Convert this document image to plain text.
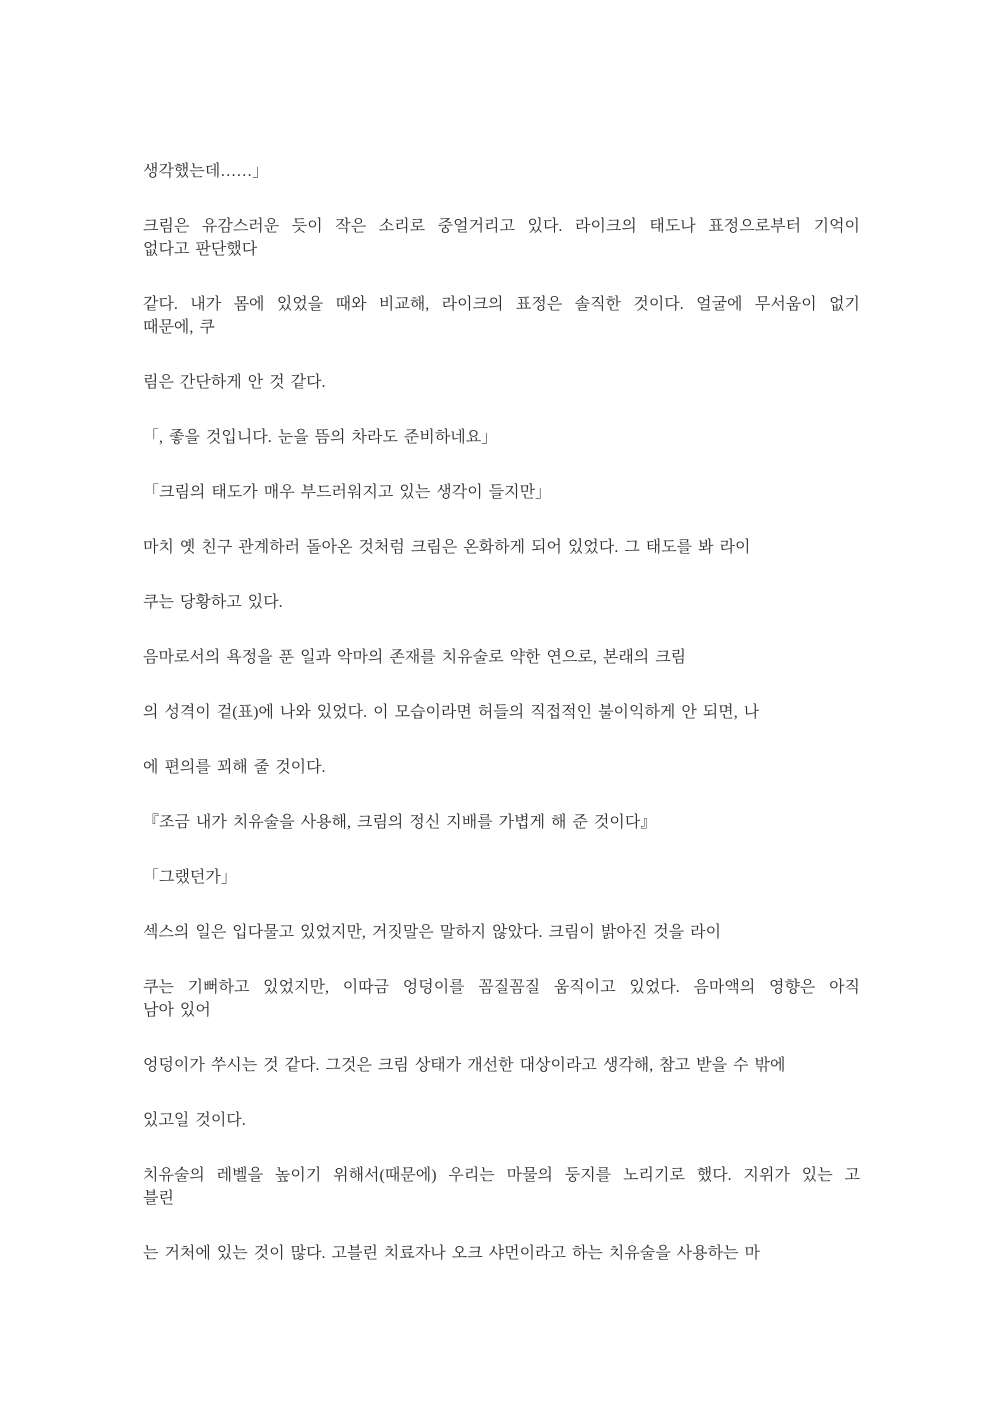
생각했는데……」

크림은 유감스러운 듯이 작은 소리로 중얼거리고 있다. 라이크의 태도나 표정으로부터 기억이
없다고 판단했다

같다. 내가 몸에 있었을 때와 비교해, 라이크의 표정은 솔직한 것이다. 얼굴에 무서움이 없기
때문에, 쿠

림은 간단하게 안 것 같다.

「, 좋을 것입니다. 눈을 뜸의 차라도 준비하네요」

「크림의 태도가 매우 부드러워지고 있는 생각이 들지만」

마치 옛 친구 관계하러 돌아온 것처럼 크림은 온화하게 되어 있었다. 그 태도를 봐 라이

쿠는 당황하고 있다.

음마로서의 욕정을 푼 일과 악마의 존재를 치유술로 약한 연으로, 본래의 크림

의 성격이 겉(표)에 나와 있었다. 이 모습이라면 허들의 직접적인 불이익하게 안 되면, 나

에 편의를 꾀해 줄 것이다.

『조금 내가 치유술을 사용해, 크림의 정신 지배를 가볍게 해 준 것이다』

「그랬던가」

섹스의 일은 입다물고 있었지만, 거짓말은 말하지 않았다. 크림이 밝아진 것을 라이

쿠는 기뻐하고 있었지만, 이따금 엉덩이를 꼼질꼼질 움직이고 있었다. 음마액의 영향은 아직
남아 있어

엉덩이가 쑤시는 것 같다. 그것은 크림 상태가 개선한 대상이라고 생각해, 참고 받을 수 밖에

있고일 것이다.

치유술의 레벨을 높이기 위해서(때문에) 우리는 마물의 둥지를 노리기로 했다. 지위가 있는 고
블린

는 거처에 있는 것이 많다. 고블린 치료자나 오크 샤먼이라고 하는 치유술을 사용하는 마
